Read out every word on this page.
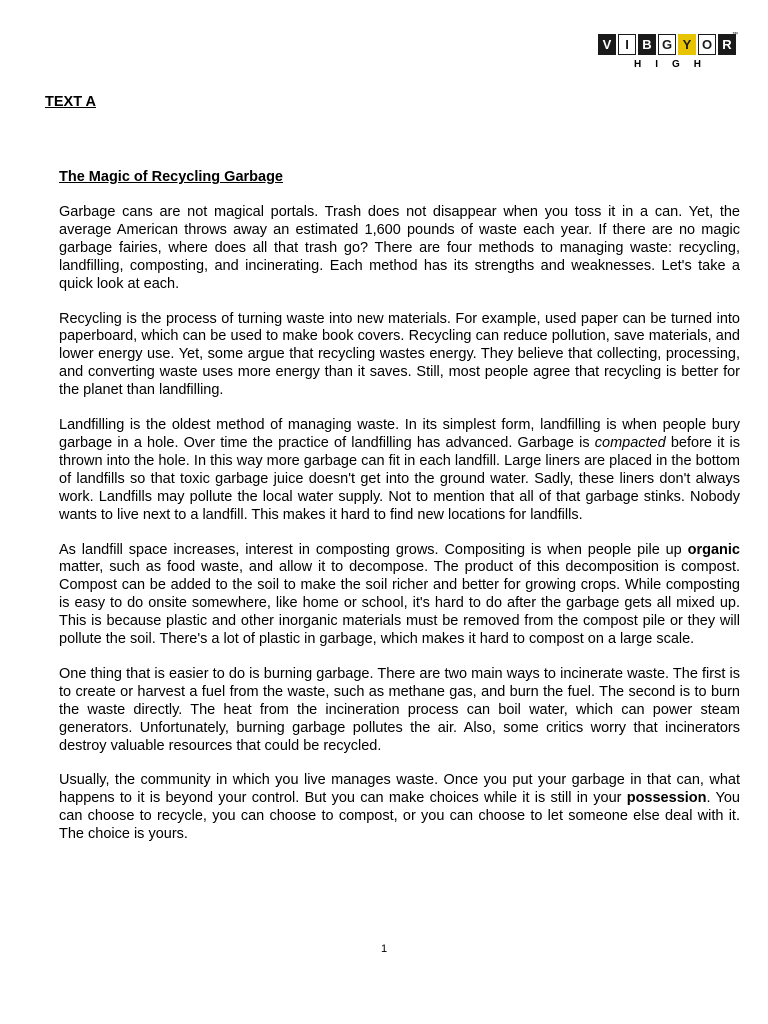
V	I	B G Y O R
™
HIGH
TEXT A
The Magic of Recycling Garbage

Garbage cans are not magical portals. Trash does not disappear when you toss it in a can. Yet, the average American throws away an estimated 1,600 pounds of waste each year. If there are no magic garbage fairies, where does all that trash go? There are four methods to managing waste: recycling, landfilling, composting, and incinerating. Each method has its strengths and weaknesses. Let's take a quick look at each.

Recycling is the process of turning waste into new materials. For example, used paper can be turned into paperboard, which can be used to make book covers. Recycling can reduce pollution, save materials, and lower energy use. Yet, some argue that recycling wastes energy. They believe that collecting, processing, and converting waste uses more energy than it saves. Still, most people agree that recycling is better for the planet than landfilling.

Landfilling is the oldest method of managing waste. In its simplest form, landfilling is when people bury garbage in a hole. Over time the practice of landfilling has advanced. Garbage is compacted before it is thrown into the hole. In this way more garbage can fit in each landfill. Large liners are placed in the bottom of landfills so that toxic garbage juice doesn't get into the ground water. Sadly, these liners don't always work. Landfills may pollute the local water supply. Not to mention that all of that garbage stinks. Nobody wants to live next to a landfill. This makes it hard to find new locations for landfills.

As landfill space increases, interest in composting grows. Compositing is when people pile up organic matter, such as food waste, and allow it to decompose. The product of this decomposition is compost. Compost can be added to the soil to make the soil richer and better for growing crops. While composting is easy to do onsite somewhere, like home or school, it's hard to do after the garbage gets all mixed up. This is because plastic and other inorganic materials must be removed from the compost pile or they will pollute the soil. There's a lot of plastic in garbage, which makes it hard to compost on a large scale.

One thing that is easier to do is burning garbage. There are two main ways to incinerate waste. The first is to create or harvest a fuel from the waste, such as methane gas, and burn the fuel. The second is to burn the waste directly. The heat from the incineration process can boil water, which can power steam generators. Unfortunately, burning garbage pollutes the air. Also, some critics worry that incinerators destroy valuable resources that could be recycled.

Usually, the community in which you live manages waste. Once you put your garbage in that can, what happens to it is beyond your control. But you can make choices while it is still in your possession. You can choose to recycle, you can choose to compost, or you can choose to let someone else deal with it. The choice is yours.

1
